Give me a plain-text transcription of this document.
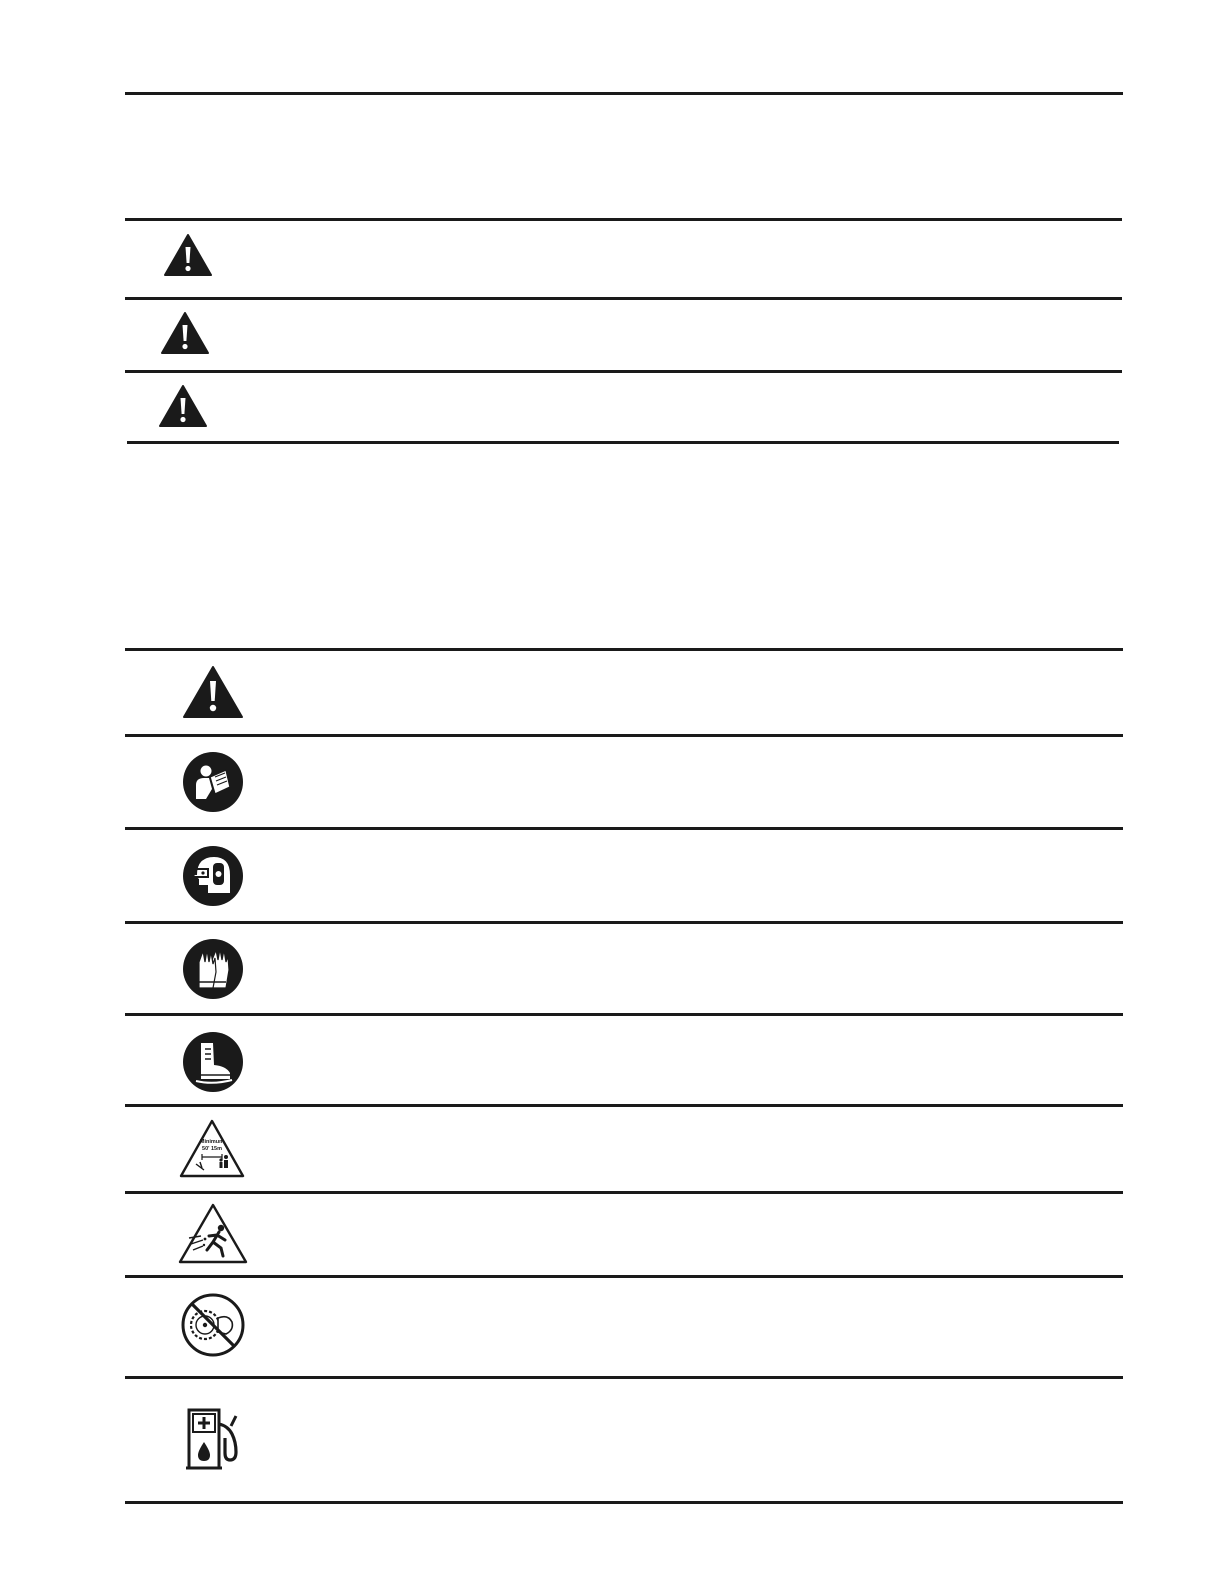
Minimum
50' 15m
